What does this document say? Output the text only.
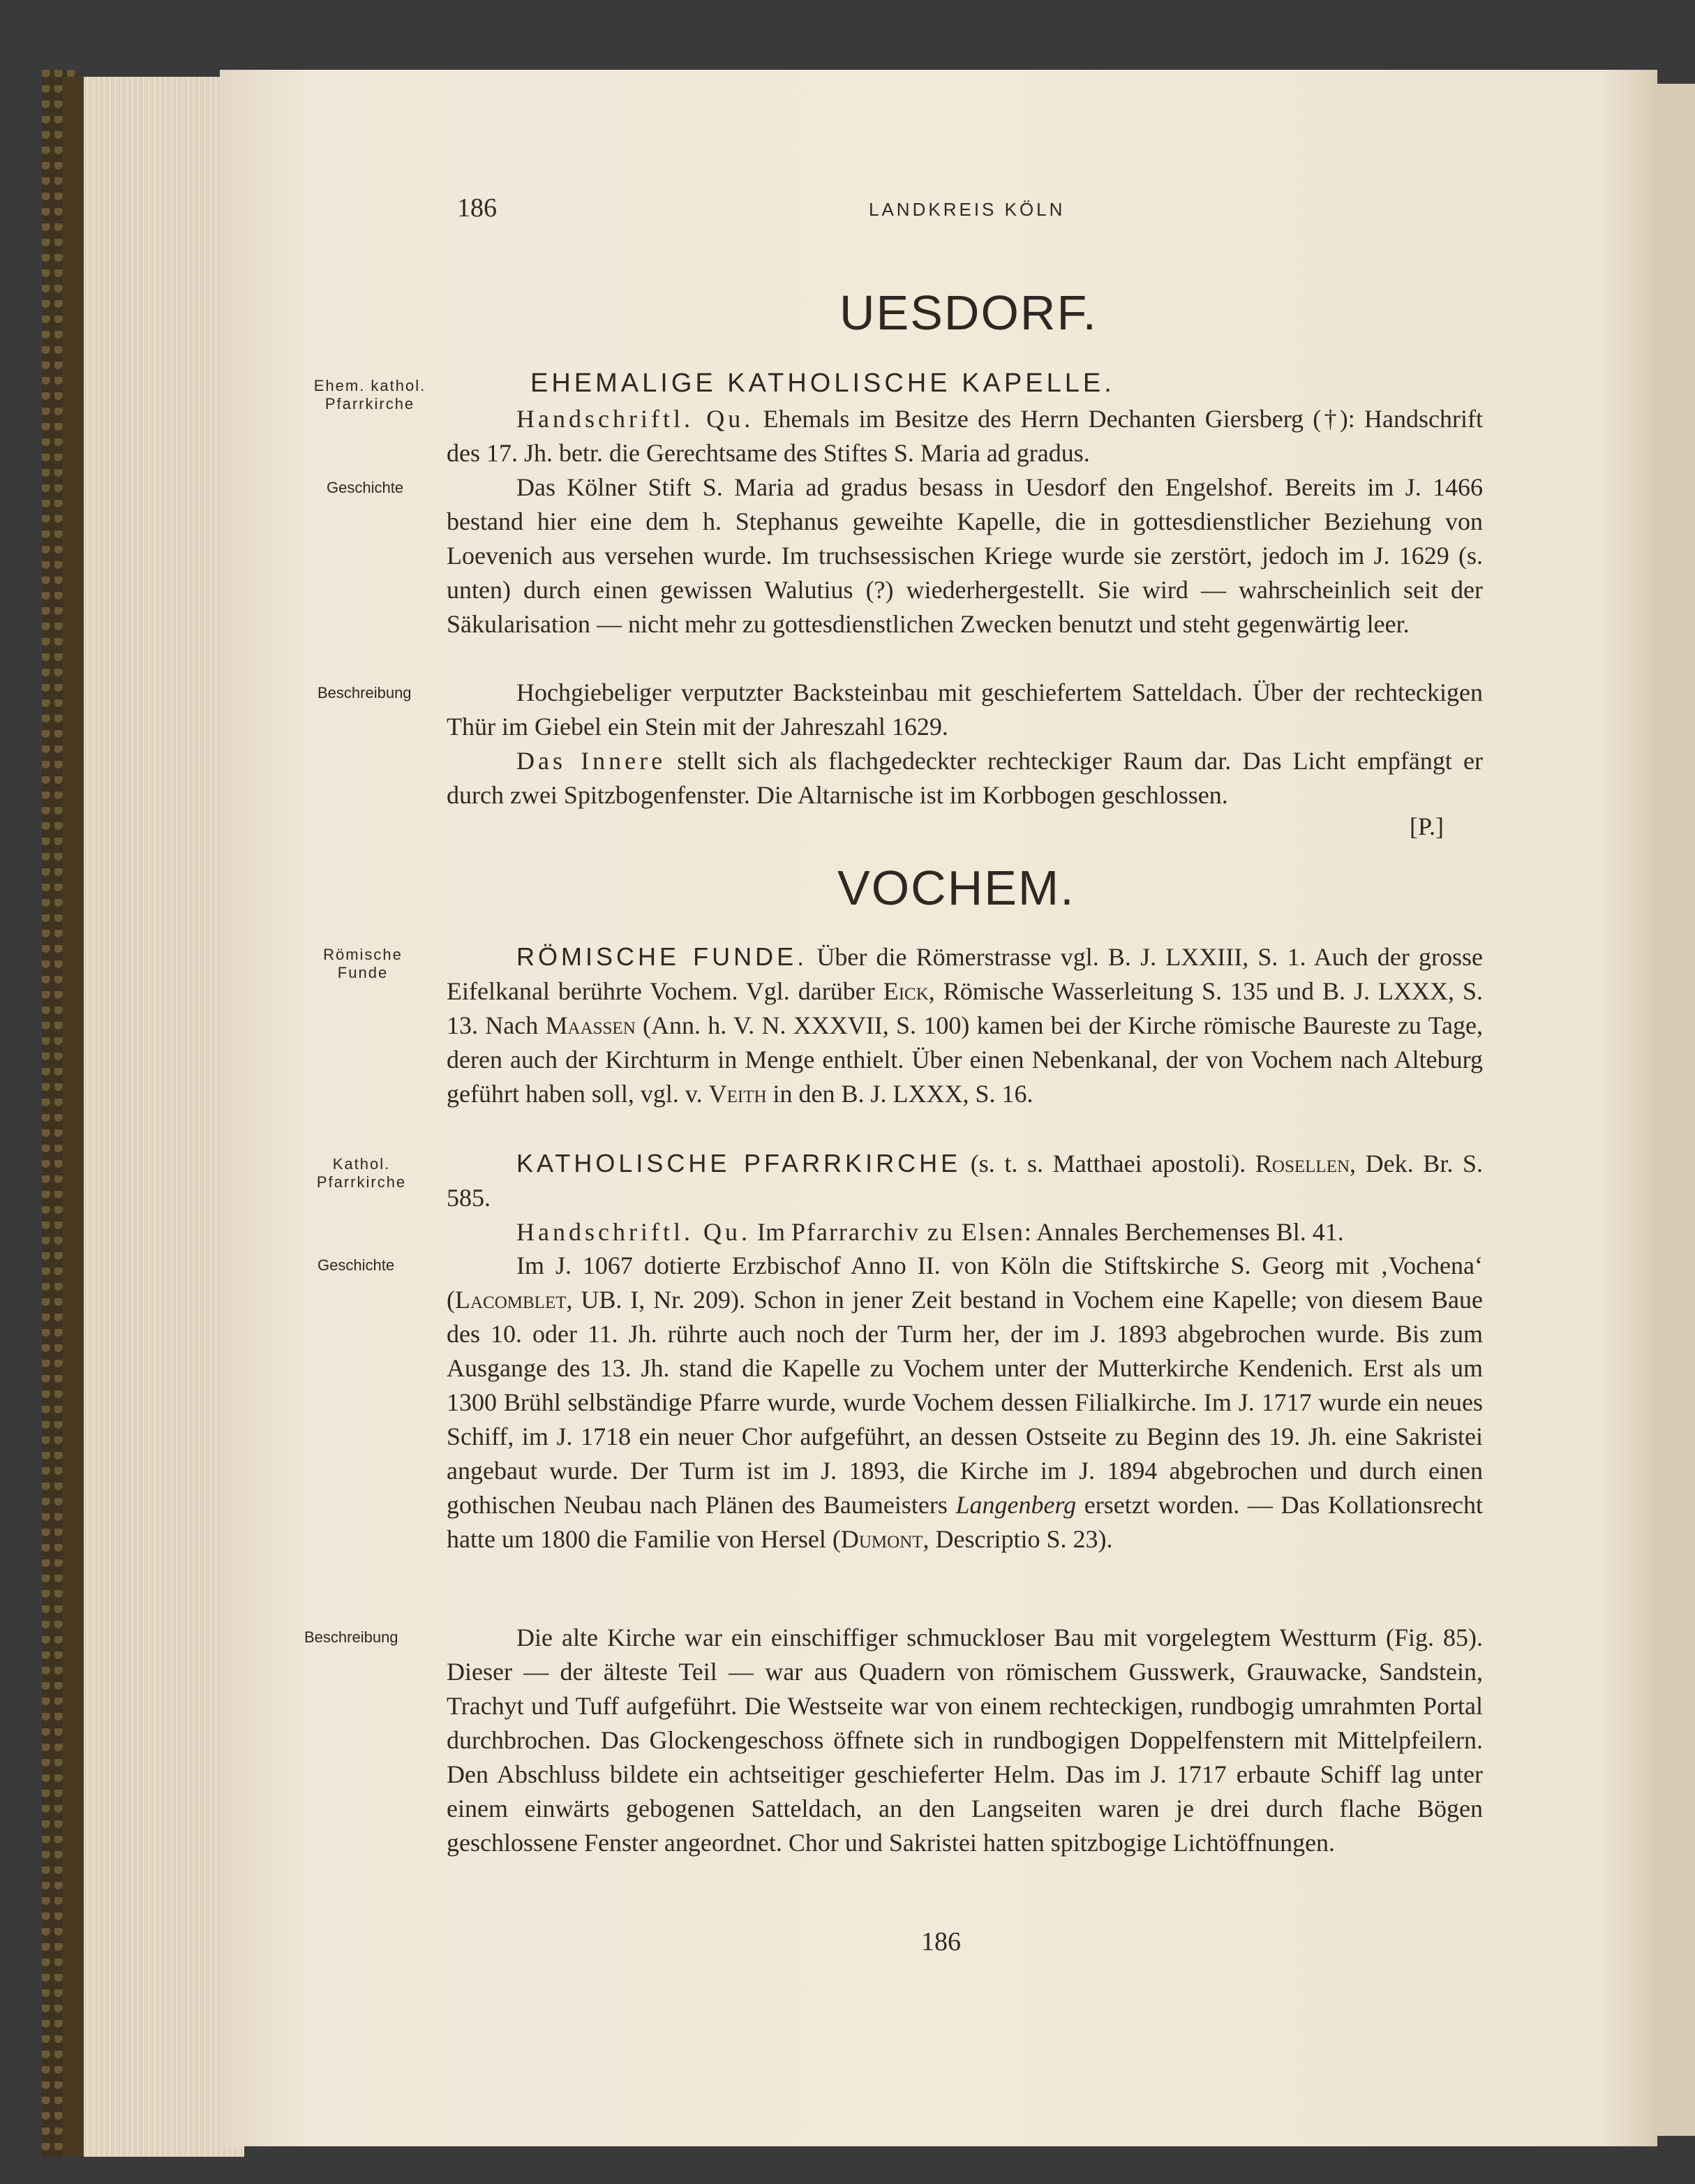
186	LANDKREIS KÖLN
UESDORF.
Ehem. kathol. Pfarrkirche
EHEMALIGE KATHOLISCHE KAPELLE.

Handschriftl. Qu. Ehemals im Besitze des Herrn Dechanten Giersberg (†): Handschrift des 17. Jh. betr. die Gerechtsame des Stiftes S. Maria ad gradus.

Geschichte	Das Kölner Stift S. Maria ad gradus besass in Uesdorf den Engelshof. Bereits im J. 1466 bestand hier eine dem h. Stephanus geweihte Kapelle, die in gottesdienstlicher Beziehung von Loevenich aus versehen wurde. Im truchsessischen Kriege wurde sie zerstört, jedoch im J. 1629 (s. unten) durch einen gewissen Walutius (?) wiederhergestellt. Sie wird — wahrscheinlich seit der Säkularisation — nicht mehr zu gottesdienstlichen Zwecken benutzt und steht gegenwärtig leer.

Beschreibung	Hochgiebeliger verputzter Backsteinbau mit geschiefertem Satteldach. Über der rechteckigen Thür im Giebel ein Stein mit der Jahreszahl 1629.

Das Innere stellt sich als flachgedeckter rechteckiger Raum dar. Das Licht empfängt er durch zwei Spitzbogenfenster. Die Altarnische ist im Korbbogen geschlossen.

[P.]
VOCHEM.
Römische Funde

RÖMISCHE FUNDE. Über die Römerstrasse vgl. B. J. LXXIII, S. 1. Auch der grosse Eifelkanal berührte Vochem. Vgl. darüber Eick, Römische Wasserleitung S. 135 und B. J. LXXX, S. 13. Nach Maassen (Ann. h. V. N. XXXVII, S. 100) kamen bei der Kirche römische Baureste zu Tage, deren auch der Kirchturm in Menge enthielt. Über einen Nebenkanal, der von Vochem nach Alteburg geführt haben soll, vgl. v. Veith in den B. J. LXXX, S. 16.

Kathol. Pfarrkirche

KATHOLISCHE PFARRKIRCHE (s. t. s. Matthaei apostoli). Rosellen, Dek. Br. S. 585.

Handschriftl. Qu. Im Pfarrarchiv zu Elsen: Annales Berchemenses Bl. 41.

Geschichte	Im J. 1067 dotierte Erzbischof Anno II. von Köln die Stiftskirche S. Georg mit ‚Vochena‘ (Lacomblet, UB. I, Nr. 209). Schon in jener Zeit bestand in Vochem eine Kapelle; von diesem Baue des 10. oder 11. Jh. rührte auch noch der Turm her, der im J. 1893 abgebrochen wurde. Bis zum Ausgange des 13. Jh. stand die Kapelle zu Vochem unter der Mutterkirche Kendenich. Erst als um 1300 Brühl selbständige Pfarre wurde, wurde Vochem dessen Filialkirche. Im J. 1717 wurde ein neues Schiff, im J. 1718 ein neuer Chor aufgeführt, an dessen Ostseite zu Beginn des 19. Jh. eine Sakristei angebaut wurde. Der Turm ist im J. 1893, die Kirche im J. 1894 abgebrochen und durch einen gothischen Neubau nach Plänen des Baumeisters Langenberg ersetzt worden. — Das Kollationsrecht hatte um 1800 die Familie von Hersel (Dumont, Descriptio S. 23).

Beschreibung	Die alte Kirche war ein einschiffiger schmuckloser Bau mit vorgelegtem Westturm (Fig. 85). Dieser — der älteste Teil — war aus Quadern von römischem Gusswerk, Grauwacke, Sandstein, Trachyt und Tuff aufgeführt. Die Westseite war von einem rechteckigen, rundbogig umrahmten Portal durchbrochen. Das Glockengeschoss öffnete sich in rundbogigen Doppelfenstern mit Mittelpfeilern. Den Abschluss bildete ein achtseitiger geschieferter Helm. Das im J. 1717 erbaute Schiff lag unter einem einwärts gebogenen Satteldach, an den Langseiten waren je drei durch flache Bögen geschlossene Fenster angeordnet. Chor und Sakristei hatten spitzbogige Lichtöffnungen.

186
